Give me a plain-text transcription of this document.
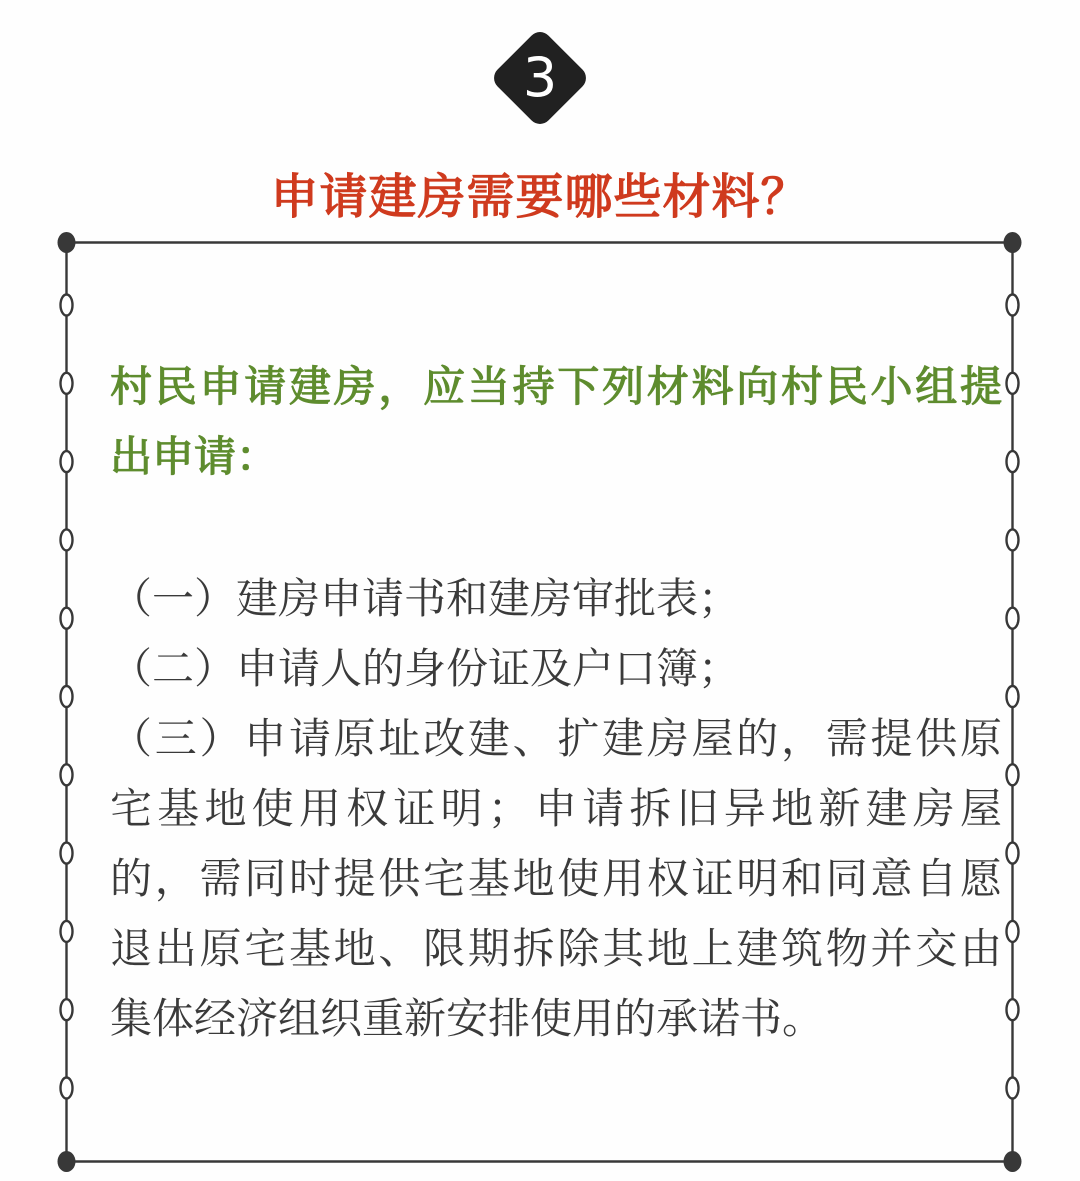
3
申请建房需要哪些材料？
村民申请建房，应当持下列材料向村民小组提
出申请：
（一）建房申请书和建房审批表；
（二）申请人的身份证及户口簿；
（三）申请原址改建、扩建房屋的，需提供原
宅基地使用权证明；申请拆旧异地新建房屋
的，需同时提供宅基地使用权证明和同意自愿
退出原宅基地、限期拆除其地上建筑物并交由
集体经济组织重新安排使用的承诺书。
